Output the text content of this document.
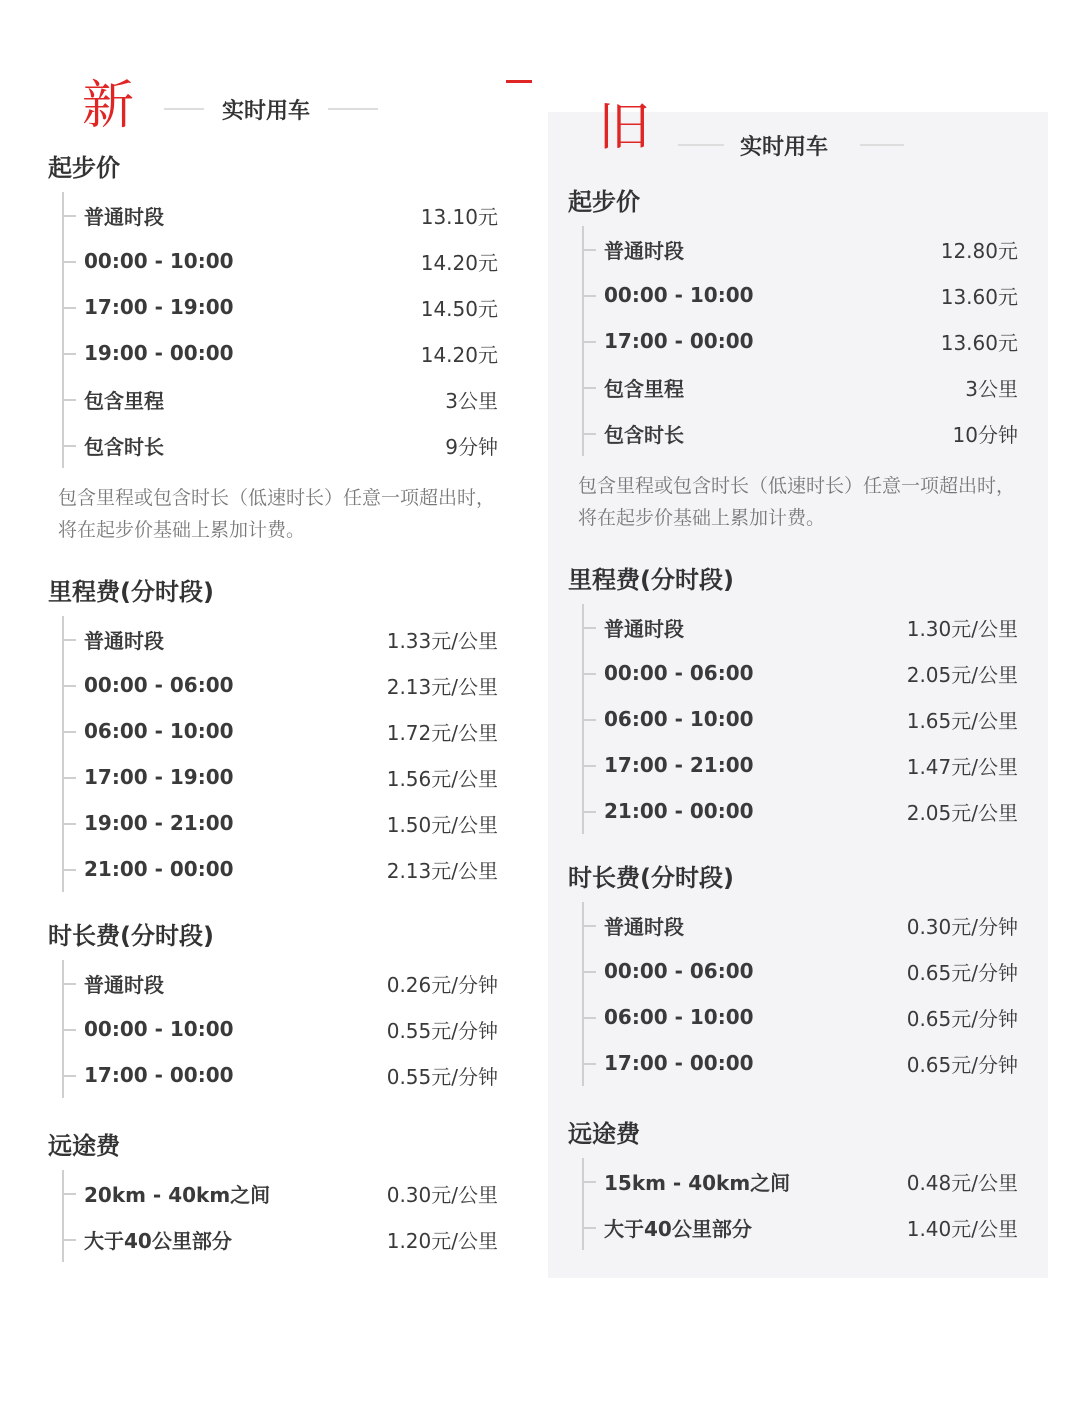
新	实时用车
起步价
普通时段	13.10元
00:00 - 10:00	14.20元
17:00 - 19:00	14.50元
19:00 - 00:00	14.20元
包含里程	3公里
包含时长	9分钟
包含里程或包含时长（低速时长）任意一项超出时，将在起步价基础上累加计费。
里程费(分时段)
普通时段	1.33元/公里
00:00 - 06:00	2.13元/公里
06:00 - 10:00	1.72元/公里
17:00 - 19:00	1.56元/公里
19:00 - 21:00	1.50元/公里
21:00 - 00:00	2.13元/公里
时长费(分时段)
普通时段	0.26元/分钟
00:00 - 10:00	0.55元/分钟
17:00 - 00:00	0.55元/分钟
远途费
20km - 40km之间	0.30元/公里
大于40公里部分	1.20元/公里
旧	实时用车
起步价
普通时段	12.80元
00:00 - 10:00	13.60元
17:00 - 00:00	13.60元
包含里程	3公里
包含时长	10分钟
包含里程或包含时长（低速时长）任意一项超出时，将在起步价基础上累加计费。
里程费(分时段)
普通时段	1.30元/公里
00:00 - 06:00	2.05元/公里
06:00 - 10:00	1.65元/公里
17:00 - 21:00	1.47元/公里
21:00 - 00:00	2.05元/公里
时长费(分时段)
普通时段	0.30元/分钟
00:00 - 06:00	0.65元/分钟
06:00 - 10:00	0.65元/分钟
17:00 - 00:00	0.65元/分钟
远途费
15km - 40km之间	0.48元/公里
大于40公里部分	1.40元/公里
